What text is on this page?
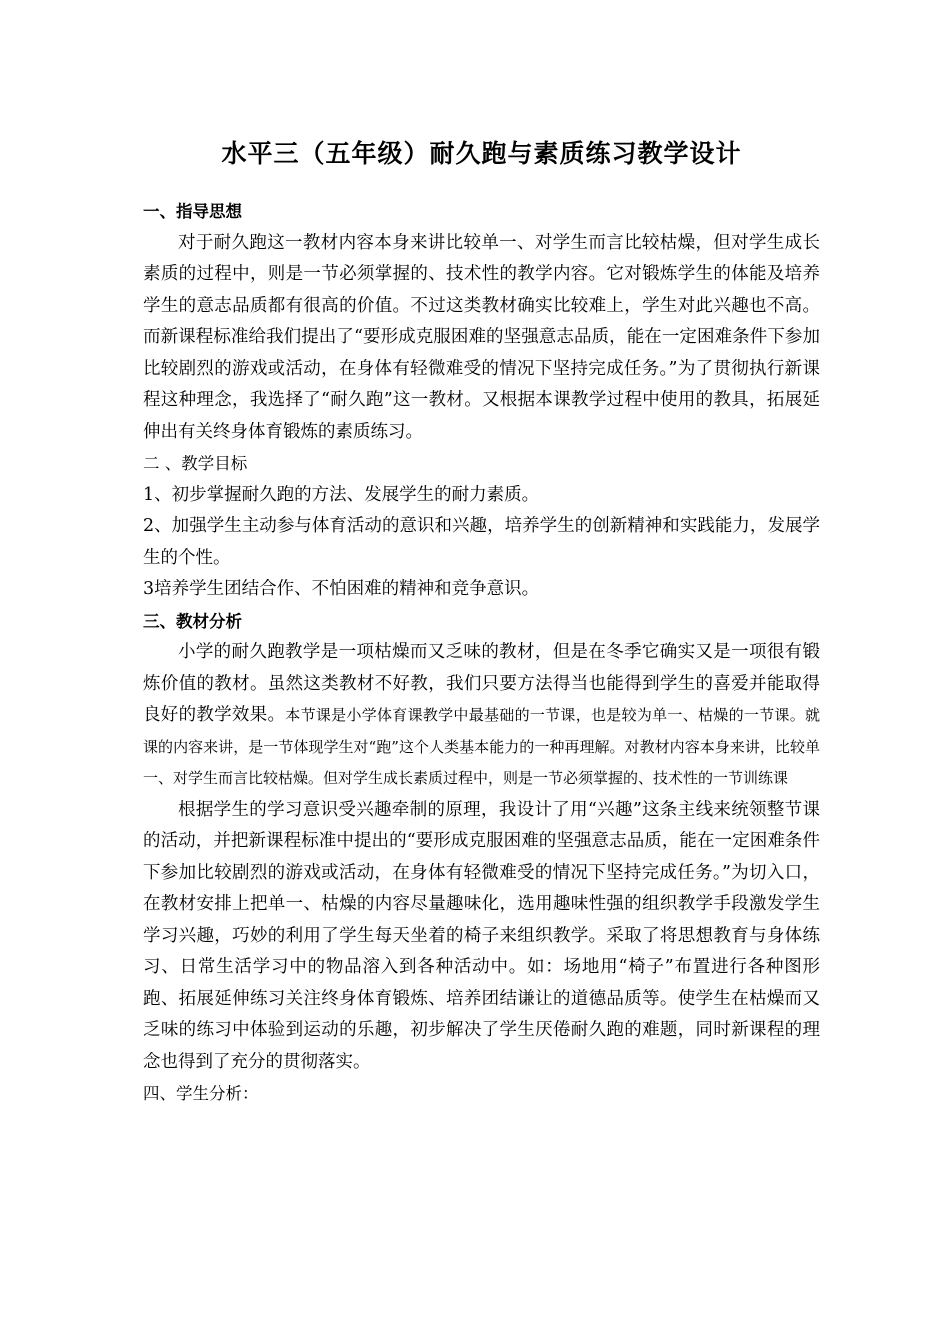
水平三（五年级）耐久跑与素质练习教学设计

一、指导思想

对于耐久跑这一教材内容本身来讲比较单一、对学生而言比较枯燥，但对学生成长素质的过程中，则是一节必须掌握的、技术性的教学内容。它对锻炼学生的体能及培养学生的意志品质都有很高的价值。不过这类教材确实比较难上，学生对此兴趣也不高。而新课程标准给我们提出了“要形成克服困难的坚强意志品质，能在一定困难条件下参加比较剧烈的游戏或活动，在身体有轻微难受的情况下坚持完成任务。”为了贯彻执行新课程这种理念，我选择了“耐久跑”这一教材。又根据本课教学过程中使用的教具，拓展延伸出有关终身体育锻炼的素质练习。

二 、教学目标

1、初步掌握耐久跑的方法、发展学生的耐力素质。

2、加强学生主动参与体育活动的意识和兴趣，培养学生的创新精神和实践能力，发展学生的个性。

3培养学生团结合作、不怕困难的精神和竞争意识。

三、教材分析

小学的耐久跑教学是一项枯燥而又乏味的教材，但是在冬季它确实又是一项很有锻炼价值的教材。虽然这类教材不好教，我们只要方法得当也能得到学生的喜爱并能取得良好的教学效果。本节课是小学体育课教学中最基础的一节课，也是较为单一、枯燥的一节课。就课的内容来讲，是一节体现学生对“跑”这个人类基本能力的一种再理解。对教材内容本身来讲，比较单一、对学生而言比较枯燥。但对学生成长素质过程中，则是一节必须掌握的、技术性的一节训练课

根据学生的学习意识受兴趣牵制的原理，我设计了用“兴趣”这条主线来统领整节课的活动，并把新课程标准中提出的“要形成克服困难的坚强意志品质，能在一定困难条件下参加比较剧烈的游戏或活动，在身体有轻微难受的情况下坚持完成任务。”为切入口，在教材安排上把单一、枯燥的内容尽量趣味化，选用趣味性强的组织教学手段激发学生学习兴趣，巧妙的利用了学生每天坐着的椅子来组织教学。采取了将思想教育与身体练习、日常生活学习中的物品溶入到各种活动中。如：场地用“椅子”布置进行各种图形跑、拓展延伸练习关注终身体育锻炼、培养团结谦让的道德品质等。使学生在枯燥而又乏味的练习中体验到运动的乐趣，初步解决了学生厌倦耐久跑的难题，同时新课程的理念也得到了充分的贯彻落实。

四、学生分析：
